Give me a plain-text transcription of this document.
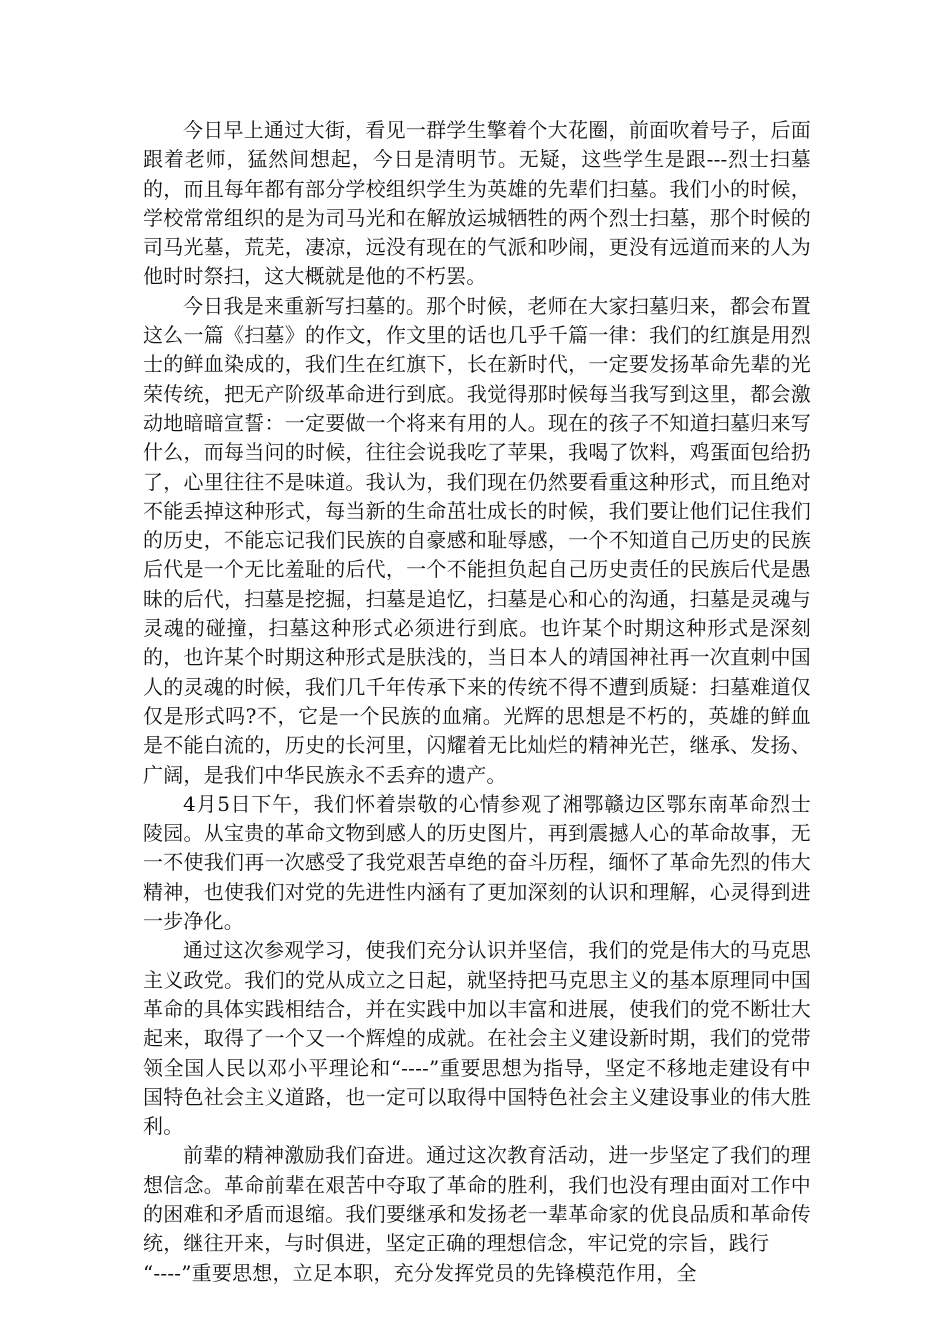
今日早上通过大街，看见一群学生擎着个大花圈，前面吹着号子，后面跟着老师，猛然间想起，今日是清明节。无疑，这些学生是跟---烈士扫墓的，而且每年都有部分学校组织学生为英雄的先辈们扫墓。我们小的时候，学校常常组织的是为司马光和在解放运城牺牲的两个烈士扫墓，那个时候的司马光墓，荒芜，凄凉，远没有现在的气派和吵闹，更没有远道而来的人为他时时祭扫，这大概就是他的不朽罢。

今日我是来重新写扫墓的。那个时候，老师在大家扫墓归来，都会布置这么一篇《扫墓》的作文，作文里的话也几乎千篇一律：我们的红旗是用烈士的鲜血染成的，我们生在红旗下，长在新时代，一定要发扬革命先辈的光荣传统，把无产阶级革命进行到底。我觉得那时候每当我写到这里，都会激动地暗暗宣誓：一定要做一个将来有用的人。现在的孩子不知道扫墓归来写什么，而每当问的时候，往往会说我吃了苹果，我喝了饮料，鸡蛋面包给扔了，心里往往不是味道。我认为，我们现在仍然要看重这种形式，而且绝对不能丢掉这种形式，每当新的生命茁壮成长的时候，我们要让他们记住我们的历史，不能忘记我们民族的自豪感和耻辱感，一个不知道自己历史的民族后代是一个无比羞耻的后代，一个不能担负起自己历史责任的民族后代是愚昧的后代，扫墓是挖掘，扫墓是追忆，扫墓是心和心的沟通，扫墓是灵魂与灵魂的碰撞，扫墓这种形式必须进行到底。也许某个时期这种形式是深刻的，也许某个时期这种形式是肤浅的，当日本人的靖国神社再一次直刺中国人的灵魂的时候，我们几千年传承下来的传统不得不遭到质疑：扫墓难道仅仅是形式吗?不，它是一个民族的血痛。光辉的思想是不朽的，英雄的鲜血是不能白流的，历史的长河里，闪耀着无比灿烂的精神光芒，继承、发扬、广阔，是我们中华民族永不丢弃的遗产。

4月5日下午，我们怀着崇敬的心情参观了湘鄂赣边区鄂东南革命烈士陵园。从宝贵的革命文物到感人的历史图片，再到震撼人心的革命故事，无一不使我们再一次感受了我党艰苦卓绝的奋斗历程，缅怀了革命先烈的伟大精神，也使我们对党的先进性内涵有了更加深刻的认识和理解，心灵得到进一步净化。

通过这次参观学习，使我们充分认识并坚信，我们的党是伟大的马克思主义政党。我们的党从成立之日起，就坚持把马克思主义的基本原理同中国革命的具体实践相结合，并在实践中加以丰富和进展，使我们的党不断壮大起来，取得了一个又一个辉煌的成就。在社会主义建设新时期，我们的党带领全国人民以邓小平理论和“----”重要思想为指导，坚定不移地走建设有中国特色社会主义道路，也一定可以取得中国特色社会主义建设事业的伟大胜利。

前辈的精神激励我们奋进。通过这次教育活动，进一步坚定了我们的理想信念。革命前辈在艰苦中夺取了革命的胜利，我们也没有理由面对工作中的困难和矛盾而退缩。我们要继承和发扬老一辈革命家的优良品质和革命传统，继往开来，与时俱进，坚定正确的理想信念，牢记党的宗旨，践行

“----”重要思想，立足本职，充分发挥党员的先锋模范作用，全
